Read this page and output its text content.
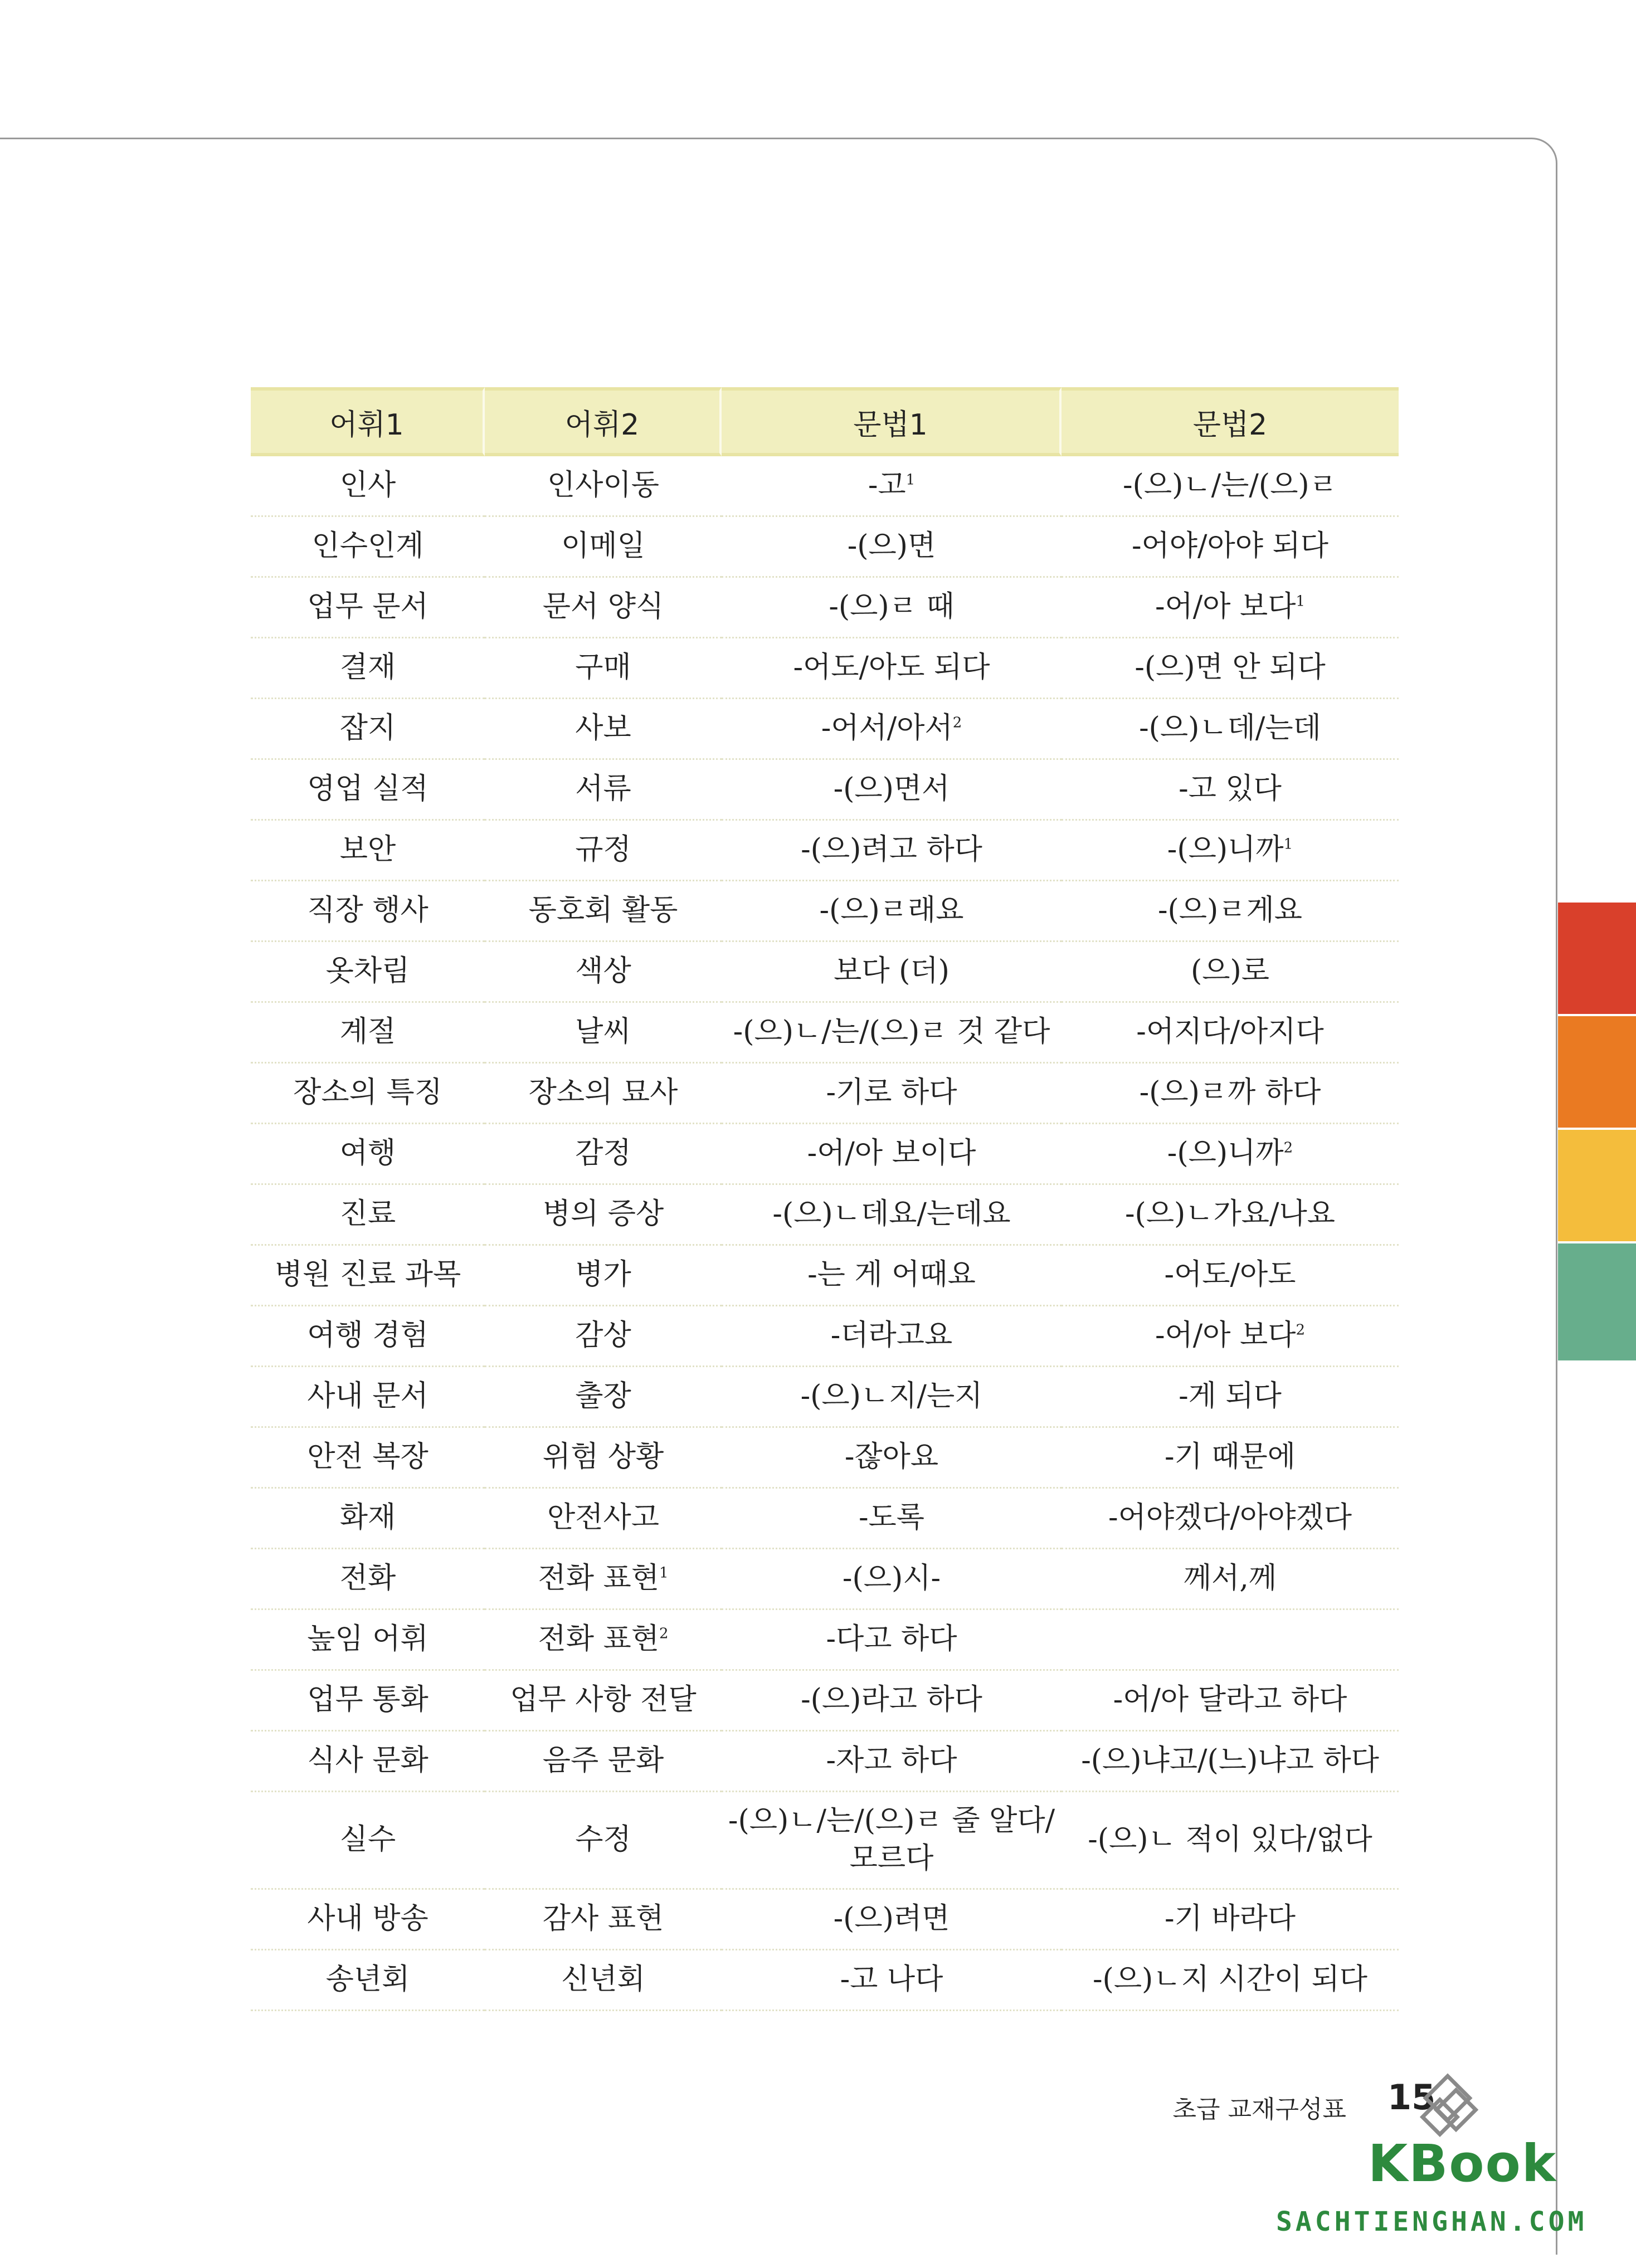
어휘1	어휘2	문법1	문법2
인사	인사이동	-고$^1$	-(으)ㄴ/는/(으)ㄹ
인수인계	이메일	-(으)면	-어야/아야 되다
업무 문서	문서 양식	-(으)ㄹ 때	-어/아 보다$^1$
결재	구매	-어도/아도 되다	-(으)면 안 되다
잡지	사보	-어서/아서$^2$	-(으)ㄴ데/는데
영업 실적	서류	-(으)면서	-고 있다
보안	규정	-(으)려고 하다	-(으)니까$^1$
직장 행사	동호회 활동	-(으)ㄹ래요	-(으)ㄹ게요
옷차림	색상	보다 (더)	(으)로
계절	날씨	-(으)ㄴ/는/(으)ㄹ 것 같다	-어지다/아지다
장소의 특징	장소의 묘사	-기로 하다	-(으)ㄹ까 하다
여행	감정	-어/아 보이다	-(으)니까$^2$
진료	병의 증상	-(으)ㄴ데요/는데요	-(으)ㄴ가요/나요
병원 진료 과목	병가	-는 게 어때요	-어도/아도
여행 경험	감상	-더라고요	-어/아 보다$^2$
사내 문서	출장	-(으)ㄴ지/는지	-게 되다
안전 복장	위험 상황	-잖아요	-기 때문에
화재	안전사고	-도록	-어야겠다/아야겠다
전화	전화 표현$^1$	-(으)시-	께서,께
높임 어휘	전화 표현$^2$	-다고 하다	
업무 통화	업무 사항 전달	-(으)라고 하다	-어/아 달라고 하다
식사 문화	음주 문화	-자고 하다	-(으)냐고/(느)냐고 하다
실수	수정	-(으)ㄴ/는/(으)ㄹ 줄 알다/모르다	-(으)ㄴ 적이 있다/없다
사내 방송	감사 표현	-(으)려면	-기 바라다
송년회	신년회	-고 나다	-(으)ㄴ지 시간이 되다
초급 교재구성표 15
KBook
SACHTIENGHAN.COM
